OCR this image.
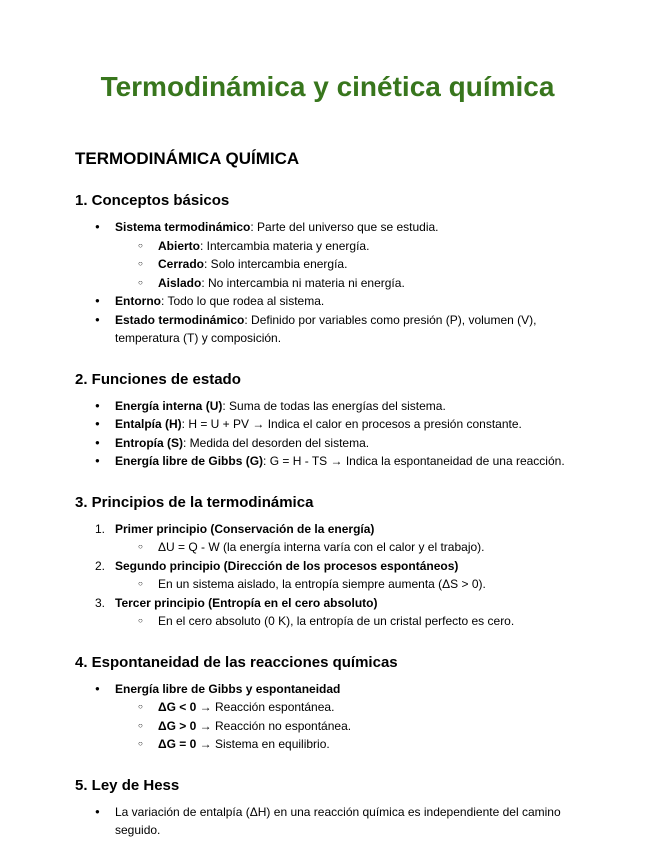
Termodinámica y cinética química
TERMODINÁMICA QUÍMICA
1. Conceptos básicos
●	Sistema termodinámico: Parte del universo que se estudia.
○	Abierto: Intercambia materia y energía.
○	Cerrado: Solo intercambia energía.
○	Aislado: No intercambia ni materia ni energía.
●	Entorno: Todo lo que rodea al sistema.
●	Estado termodinámico: Definido por variables como presión (P), volumen (V), temperatura (T) y composición.
2. Funciones de estado
●	Energía interna (U): Suma de todas las energías del sistema.
●	Entalpía (H): H = U + PV → Indica el calor en procesos a presión constante.
●	Entropía (S): Medida del desorden del sistema.
●	Energía libre de Gibbs (G): G = H - TS → Indica la espontaneidad de una reacción.
3. Principios de la termodinámica
1. Primer principio (Conservación de la energía)
○	ΔU = Q - W (la energía interna varía con el calor y el trabajo).
2. Segundo principio (Dirección de los procesos espontáneos)
○	En un sistema aislado, la entropía siempre aumenta (ΔS > 0).
3. Tercer principio (Entropía en el cero absoluto)
○	En el cero absoluto (0 K), la entropía de un cristal perfecto es cero.
4. Espontaneidad de las reacciones químicas
●	Energía libre de Gibbs y espontaneidad
○	ΔG < 0 → Reacción espontánea.
○	ΔG > 0 → Reacción no espontánea.
○	ΔG = 0 → Sistema en equilibrio.
5. Ley de Hess
●	La variación de entalpía (ΔH) en una reacción química es independiente del camino seguido.
